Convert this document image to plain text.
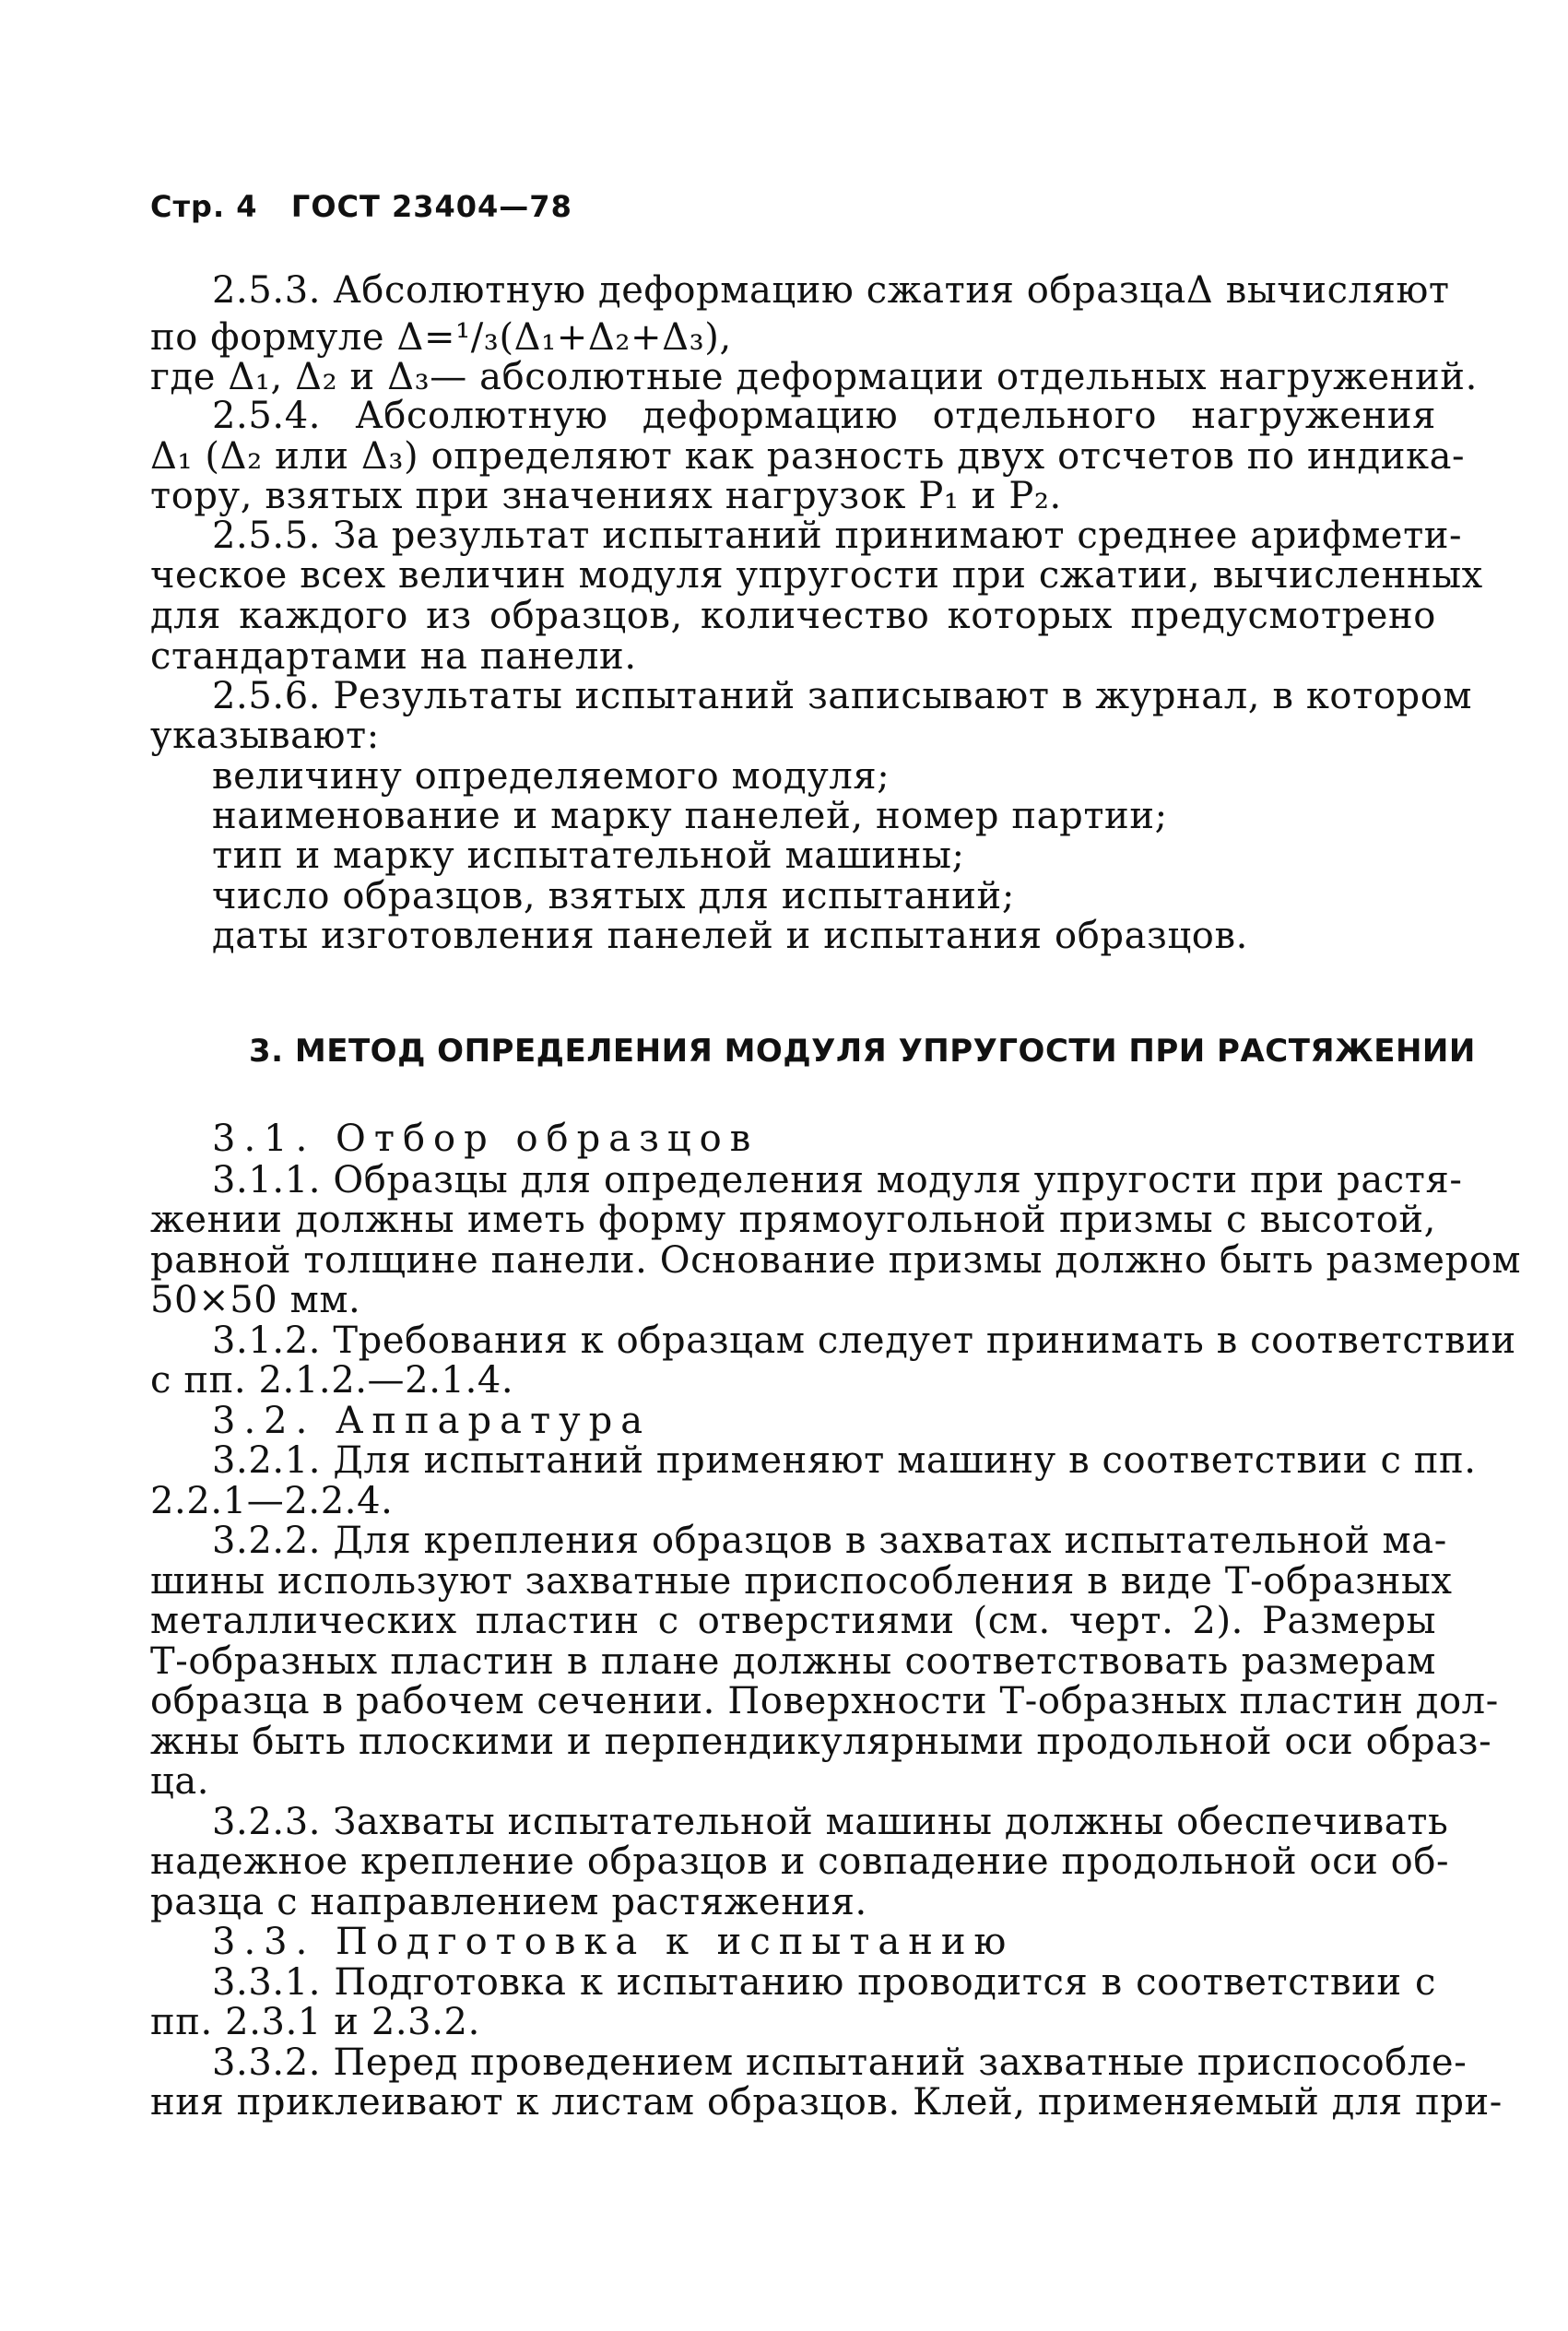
Стр. 4 ГОСТ 23404—78
2.5.3. Абсолютную деформацию сжатия образцаΔ вычисляют
по формуле Δ=¹/₃(Δ₁+Δ₂+Δ₃),
где Δ₁, Δ₂ и Δ₃— абсолютные деформации отдельных нагружений.
2.5.4. Абсолютную деформацию отдельного нагружения
Δ₁ (Δ₂ или Δ₃) определяют как разность двух отсчетов по индика-
тору, взятых при значениях нагрузок P₁ и P₂.
2.5.5. За результат испытаний принимают среднее арифмети-
ческое всех величин модуля упругости при сжатии, вычисленных
для каждого из образцов, количество которых предусмотрено
стандартами на панели.
2.5.6. Результаты испытаний записывают в журнал, в котором
указывают:
величину определяемого модуля;
наименование и марку панелей, номер партии;
тип и марку испытательной машины;
число образцов, взятых для испытаний;
даты изготовления панелей и испытания образцов.
3. МЕТОД ОПРЕДЕЛЕНИЯ МОДУЛЯ УПРУГОСТИ ПРИ РАСТЯЖЕНИИ
3.1. Отбор образцов
3.1.1. Образцы для определения модуля упругости при растя-
жении должны иметь форму прямоугольной призмы с высотой,
равной толщине панели. Основание призмы должно быть размером
50×50 мм.
3.1.2. Требования к образцам следует принимать в соответствии
с пп. 2.1.2.—2.1.4.
3.2. Аппаратура
3.2.1. Для испытаний применяют машину в соответствии с пп.
2.2.1—2.2.4.
3.2.2. Для крепления образцов в захватах испытательной ма-
шины используют захватные приспособления в виде Т-образных
металлических пластин с отверстиями (см. черт. 2). Размеры
Т-образных пластин в плане должны соответствовать размерам
образца в рабочем сечении. Поверхности Т-образных пластин дол-
жны быть плоскими и перпендикулярными продольной оси образ-
ца.
3.2.3. Захваты испытательной машины должны обеспечивать
надежное крепление образцов и совпадение продольной оси об-
разца с направлением растяжения.
3.3. Подготовка к испытанию
3.3.1. Подготовка к испытанию проводится в соответствии с
пп. 2.3.1 и 2.3.2.
3.3.2. Перед проведением испытаний захватные приспособле-
ния приклеивают к листам образцов. Клей, применяемый для при-
